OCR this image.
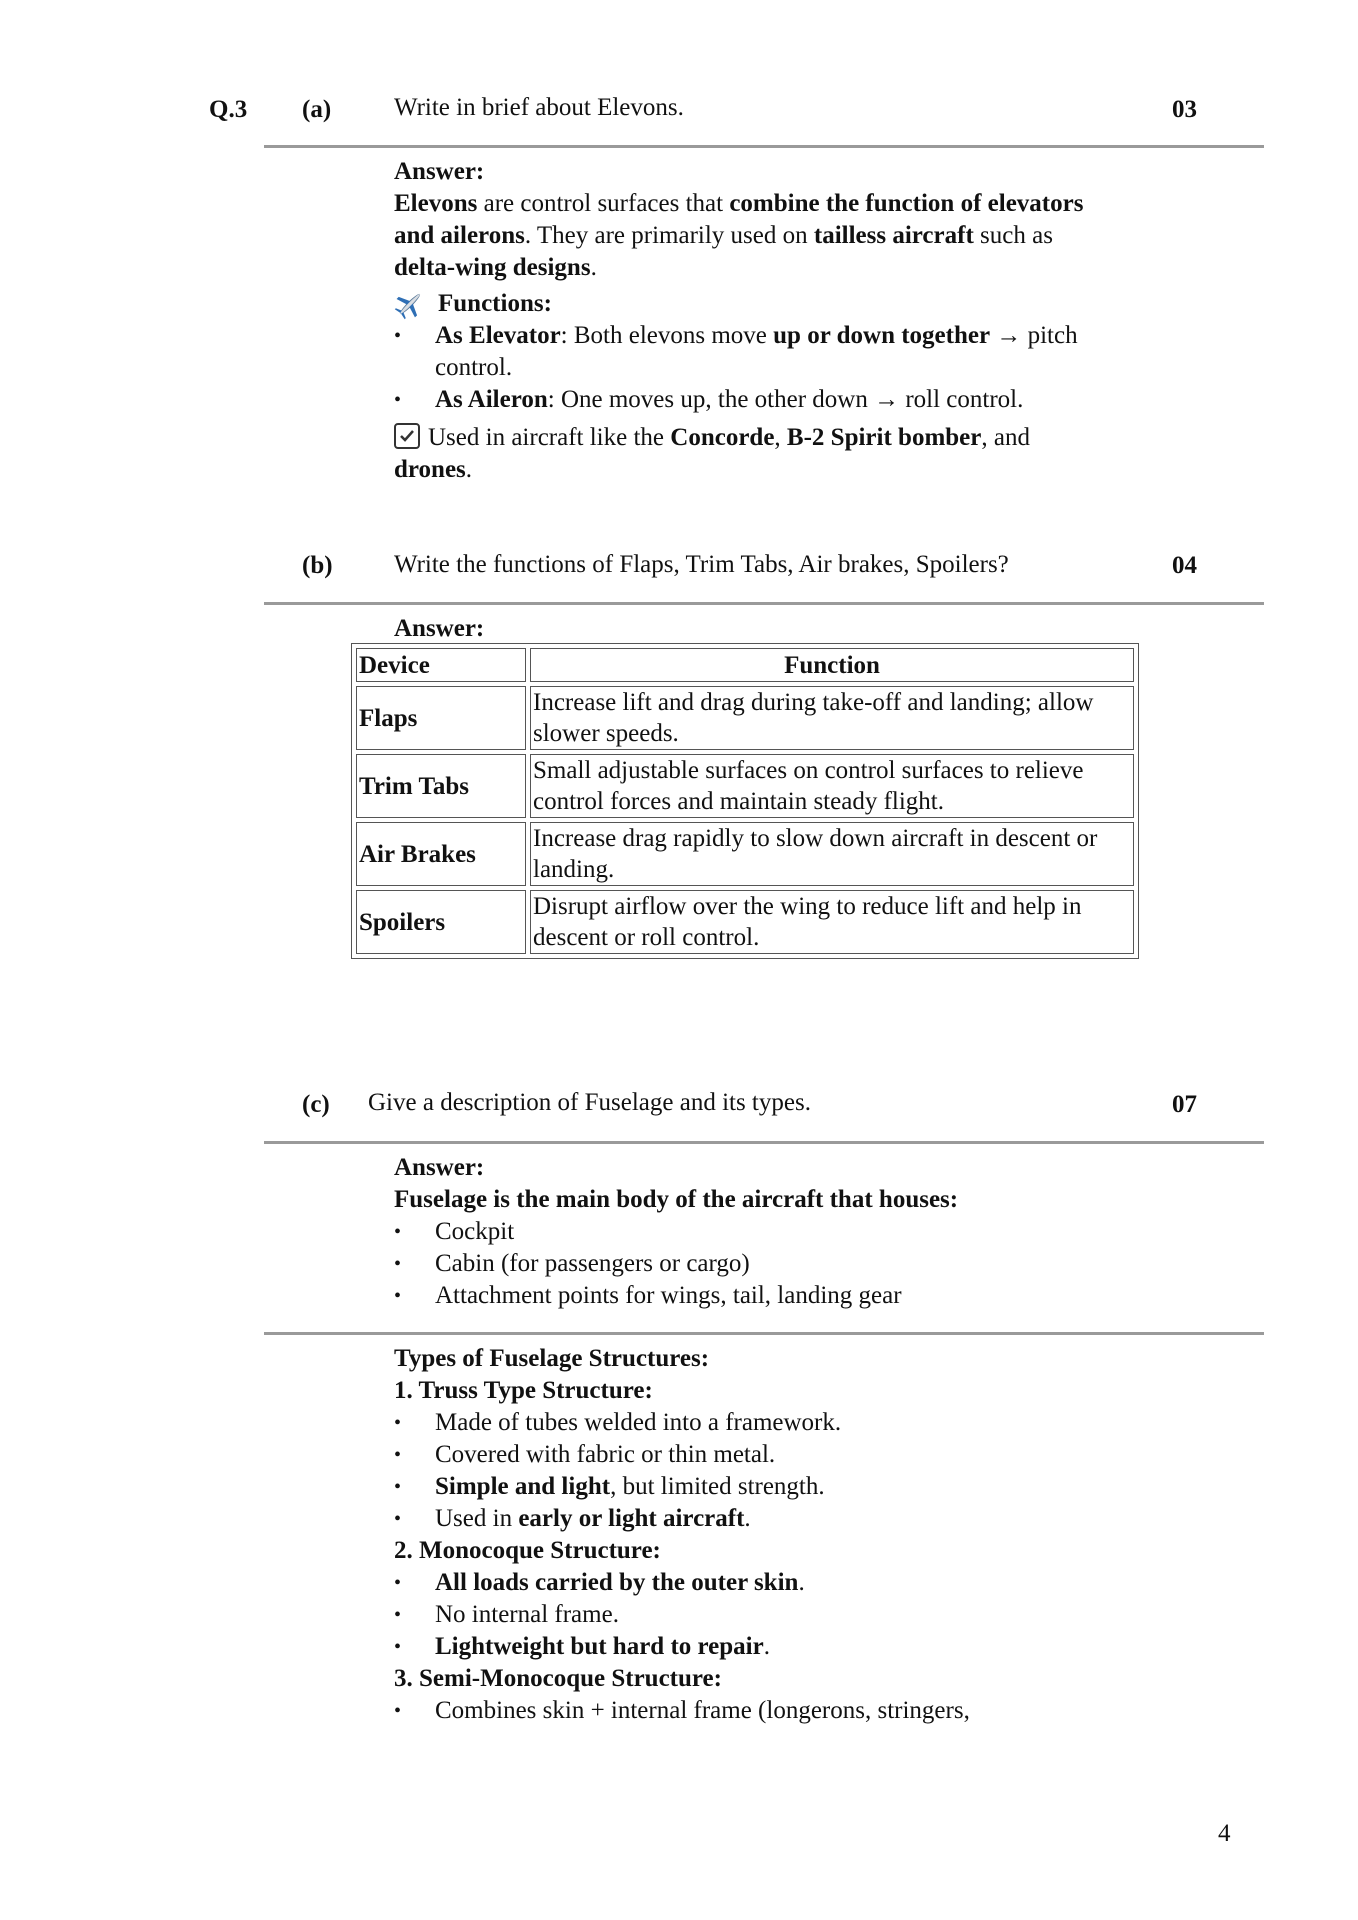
Q.3 (a)	Write in brief about Elevons.	03

Answer:

Elevons are control surfaces that combine the function of elevators and ailerons. They are primarily used on tailless aircraft such as delta-wing designs.

Functions:

• As Elevator: Both elevons move up or down together → pitch control.
• As Aileron: One moves up, the other down → roll control.

Used in aircraft like the Concorde, B-2 Spirit bomber, and drones.

(b) Write the functions of Flaps, Trim Tabs, Air brakes, Spoilers?	04
Answer:
Device	Function
Flaps	Increase lift and drag during take-off and landing; allow slower speeds.
Trim Tabs	Small adjustable surfaces on control surfaces to relieve control forces and maintain steady flight.
Air Brakes	Increase drag rapidly to slow down aircraft in descent or landing.
Spoilers	Disrupt airflow over the wing to reduce lift and help in descent or roll control.
(c) Give a description of Fuselage and its types.	07

Answer:

Fuselage is the main body of the aircraft that houses:

• Cockpit
• Cabin (for passengers or cargo)
• Attachment points for wings, tail, landing gear

Types of Fuselage Structures:

1. Truss Type Structure:

• Made of tubes welded into a framework.
• Covered with fabric or thin metal.
• Simple and light, but limited strength.
• Used in early or light aircraft.

2. Monocoque Structure:

• All loads carried by the outer skin.
• No internal frame.
• Lightweight but hard to repair.

3. Semi-Monocoque Structure:

• Combines skin + internal frame (longerons, stringers,
4
